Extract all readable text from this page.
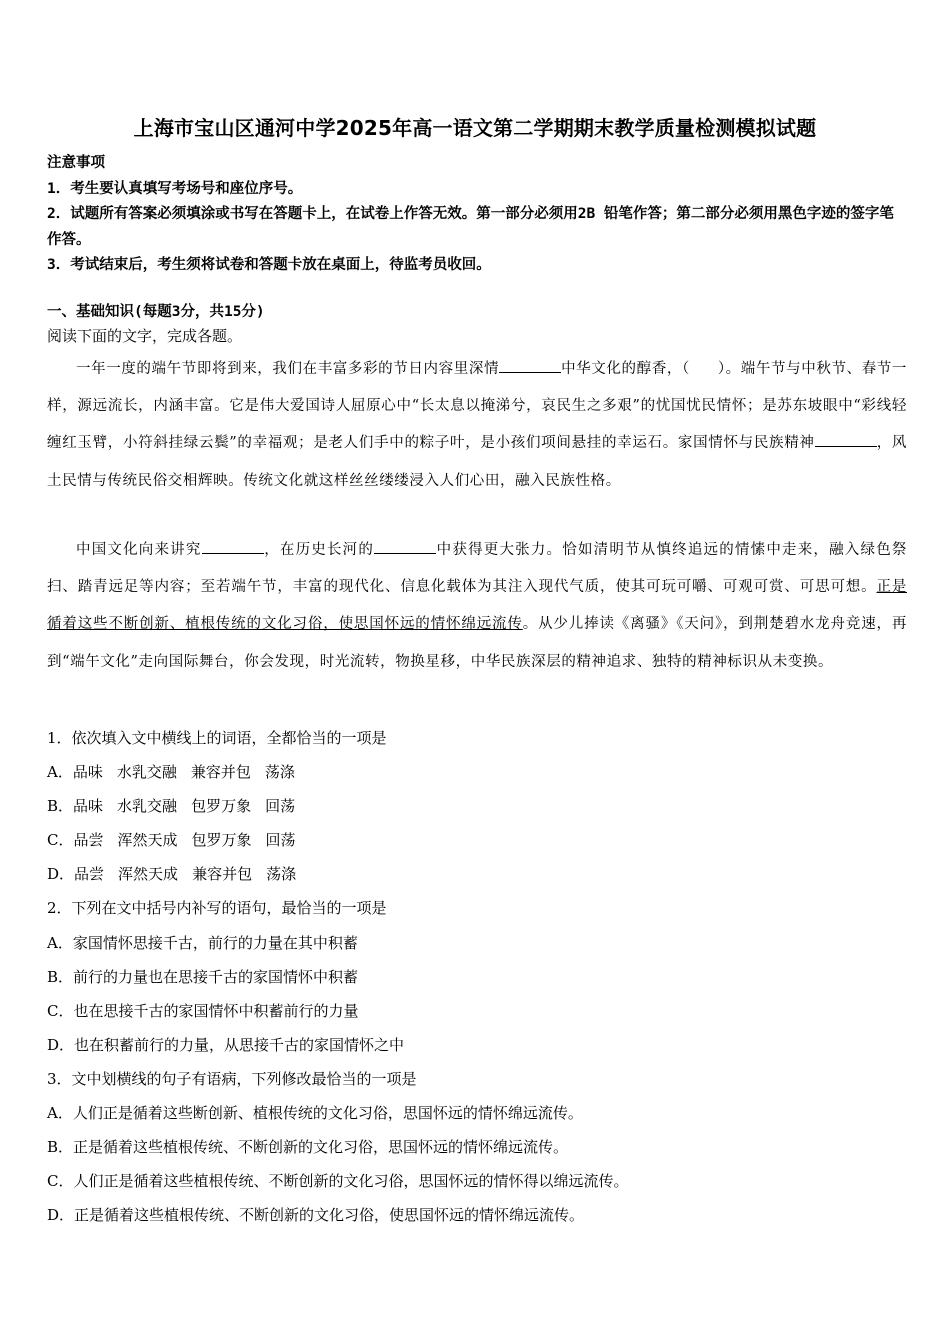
上海市宝山区通河中学2025年高一语文第二学期期末教学质量检测模拟试题

注意事项

1．考生要认真填写考场号和座位序号。

2．试题所有答案必须填涂或书写在答题卡上，在试卷上作答无效。第一部分必须用2B 铅笔作答；第二部分必须用黑色字迹的签字笔作答。

3．考试结束后，考生须将试卷和答题卡放在桌面上，待监考员收回。

一、基础知识(每题3分，共15分)

阅读下面的文字，完成各题。

一年一度的端午节即将到来，我们在丰富多彩的节日内容里深情	中华文化的醇香，（ ）。端午节与中秋节、春节一样，源远流长，内涵丰富。它是伟大爱国诗人屈原心中“长太息以掩涕兮，哀民生之多艰”的忧国忧民情怀；是苏东坡眼中“彩线轻缠红玉臂，小符斜挂绿云鬓”的幸福观；是老人们手中的粽子叶，是小孩们项间悬挂的幸运石。家国情怀与民族精神	，风土民情与传统民俗交相辉映。传统文化就这样丝丝缕缕浸入人们心田，融入民族性格。

中国文化向来讲究	，在历史长河的	中获得更大张力。恰如清明节从慎终追远的情愫中走来，融入绿色祭扫、踏青远足等内容；至若端午节，丰富的现代化、信息化载体为其注入现代气质，使其可玩可嚼、可观可赏、可思可想。正是循着这些不断创新、植根传统的文化习俗，使思国怀远的情怀绵远流传。从少儿捧读《离骚》《天问》，到荆楚碧水龙舟竞速，再到“端午文化”走向国际舞台，你会发现，时光流转，物换星移，中华民族深层的精神追求、独特的精神标识从未变换。

1．依次填入文中横线上的词语，全都恰当的一项是

A．品味 水乳交融 兼容并包 荡涤

B．品味 水乳交融 包罗万象 回荡

C．品尝 浑然天成 包罗万象 回荡

D．品尝 浑然天成 兼容并包 荡涤

2．下列在文中括号内补写的语句，最恰当的一项是

A．家国情怀思接千古，前行的力量在其中积蓄

B．前行的力量也在思接千古的家国情怀中积蓄

C．也在思接千古的家国情怀中积蓄前行的力量

D．也在积蓄前行的力量，从思接千古的家国情怀之中

3．文中划横线的句子有语病，下列修改最恰当的一项是

A．人们正是循着这些断创新、植根传统的文化习俗，思国怀远的情怀绵远流传。

B．正是循着这些植根传统、不断创新的文化习俗，思国怀远的情怀绵远流传。

C．人们正是循着这些植根传统、不断创新的文化习俗，思国怀远的情怀得以绵远流传。

D．正是循着这些植根传统、不断创新的文化习俗，使思国怀远的情怀绵远流传。
